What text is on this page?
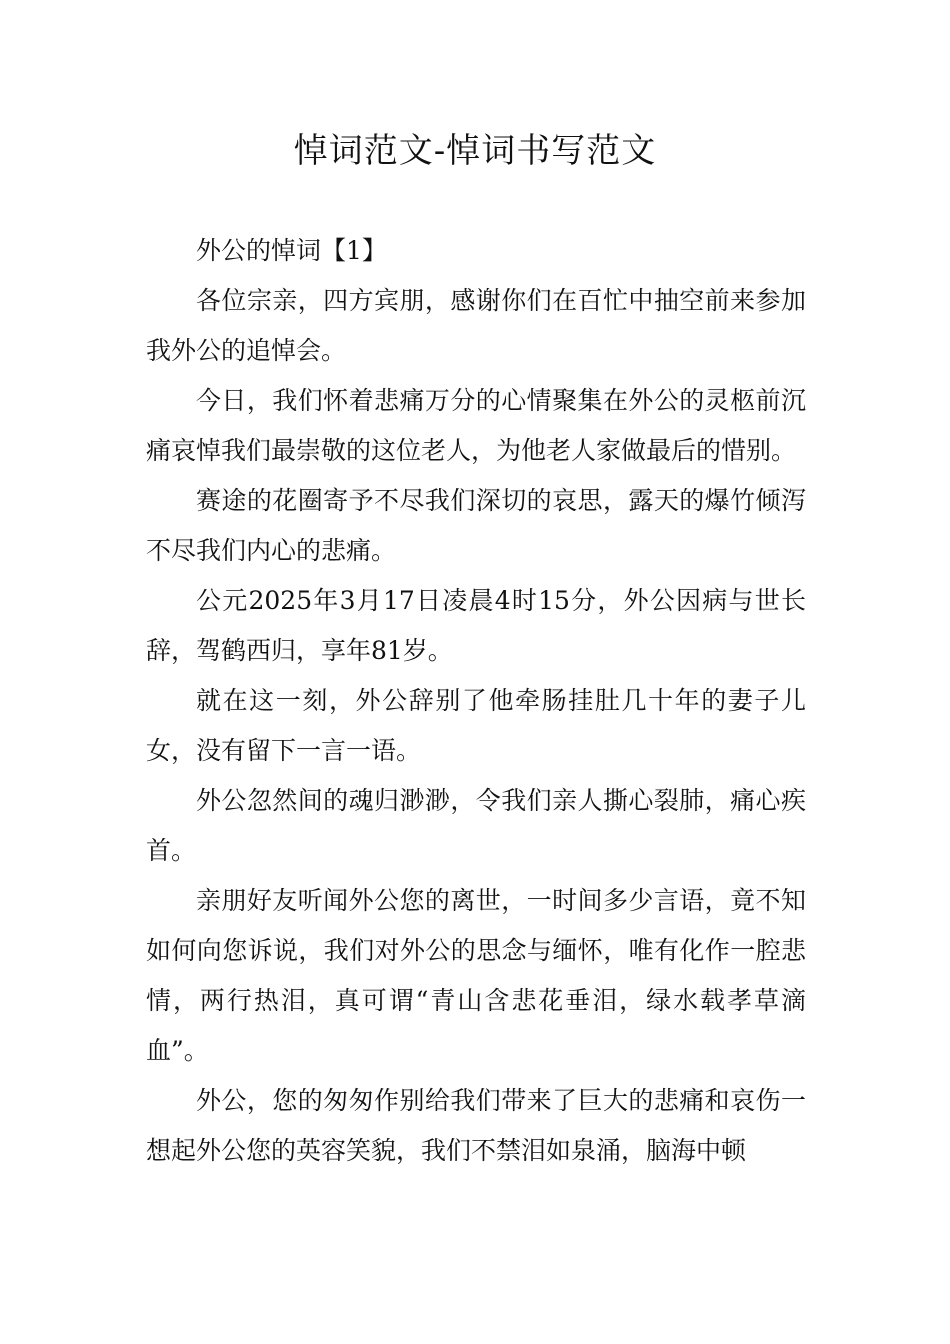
悼词范文-悼词书写范文

外公的悼词【1】

各位宗亲，四方宾朋，感谢你们在百忙中抽空前来参加我外公的追悼会。

今日，我们怀着悲痛万分的心情聚集在外公的灵柩前沉痛哀悼我们最崇敬的这位老人，为他老人家做最后的惜别。

赛途的花圈寄予不尽我们深切的哀思，露天的爆竹倾泻不尽我们内心的悲痛。

公元2025年3月17日凌晨4时15分，外公因病与世长辞，驾鹤西归，享年81岁。

就在这一刻，外公辞别了他牵肠挂肚几十年的妻子儿女，没有留下一言一语。

外公忽然间的魂归渺渺，令我们亲人撕心裂肺，痛心疾首。

亲朋好友听闻外公您的离世，一时间多少言语，竟不知如何向您诉说，我们对外公的思念与缅怀，唯有化作一腔悲情，两行热泪，真可谓“青山含悲花垂泪，绿水载孝草滴血”。

外公，您的匆匆作别给我们带来了巨大的悲痛和哀伤一想起外公您的英容笑貌，我们不禁泪如泉涌，脑海中顿
